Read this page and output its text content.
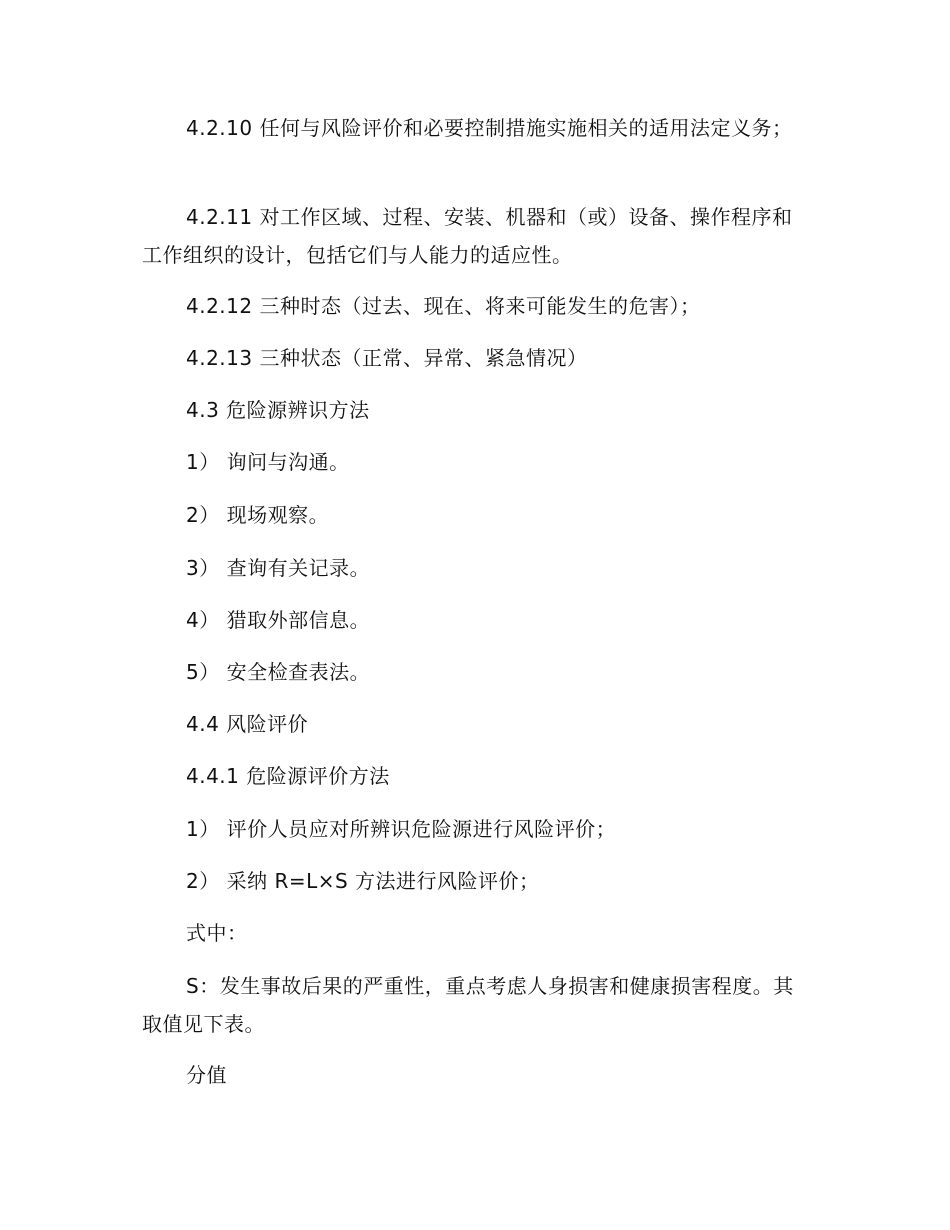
4.2.10 任何与风险评价和必要控制措施实施相关的适用法定义务；

4.2.11 对工作区域、过程、安装、机器和（或）设备、操作程序和工作组织的设计，包括它们与人能力的适应性。

4.2.12 三种时态（过去、现在、将来可能发生的危害）；

4.2.13 三种状态（正常、异常、紧急情况）

4.3 危险源辨识方法

1） 询问与沟通。

2） 现场观察。

3） 查询有关记录。

4） 猎取外部信息。

5） 安全检查表法。

4.4 风险评价

4.4.1 危险源评价方法

1） 评价人员应对所辨识危险源进行风险评价；

2） 采纳 R=L×S 方法进行风险评价；

式中：

S：发生事故后果的严重性，重点考虑人身损害和健康损害程度。其取值见下表。

分值
